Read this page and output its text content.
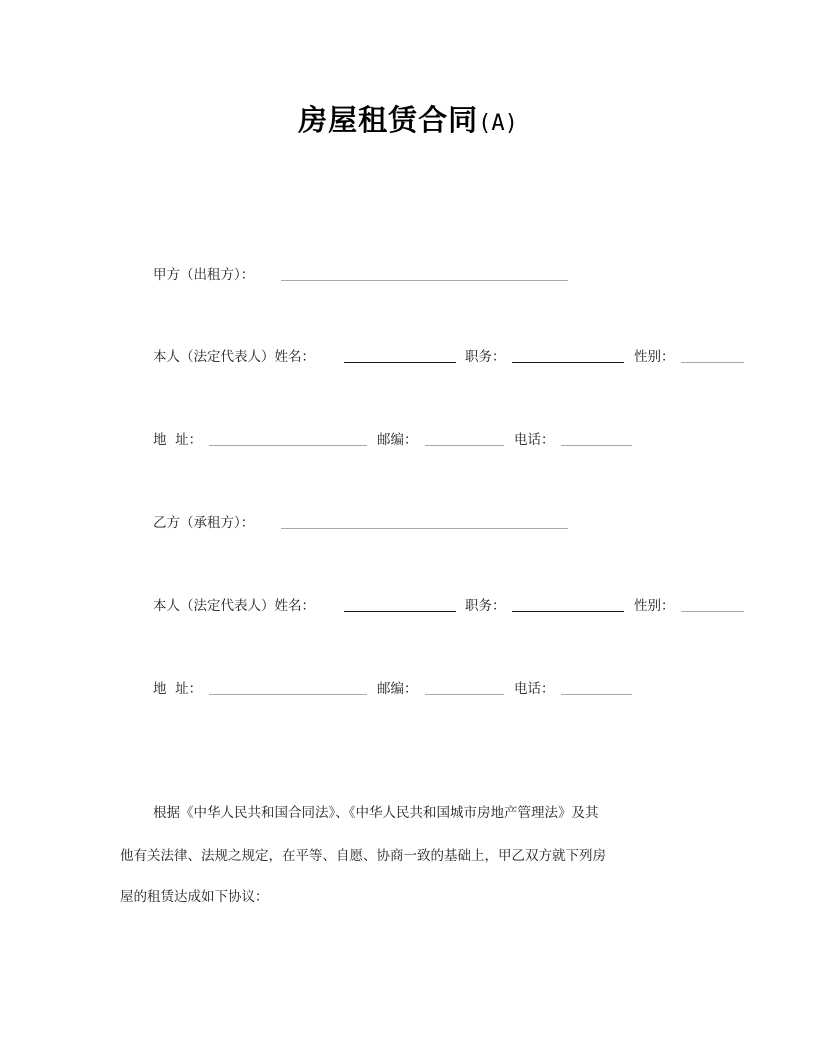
房屋租赁合同(A)
甲方（出租方）：
本人（法定代表人）姓名：	职务：	性别：
地  址：	邮编：	电话：
乙方（承租方）：
本人（法定代表人）姓名：	职务：	性别：
地  址：	邮编：	电话：
根据《中华人民共和国合同法》、《中华人民共和国城市房地产管理法》及其
他有关法律、法规之规定，在平等、自愿、协商一致的基础上，甲乙双方就下列房
屋的租赁达成如下协议：
